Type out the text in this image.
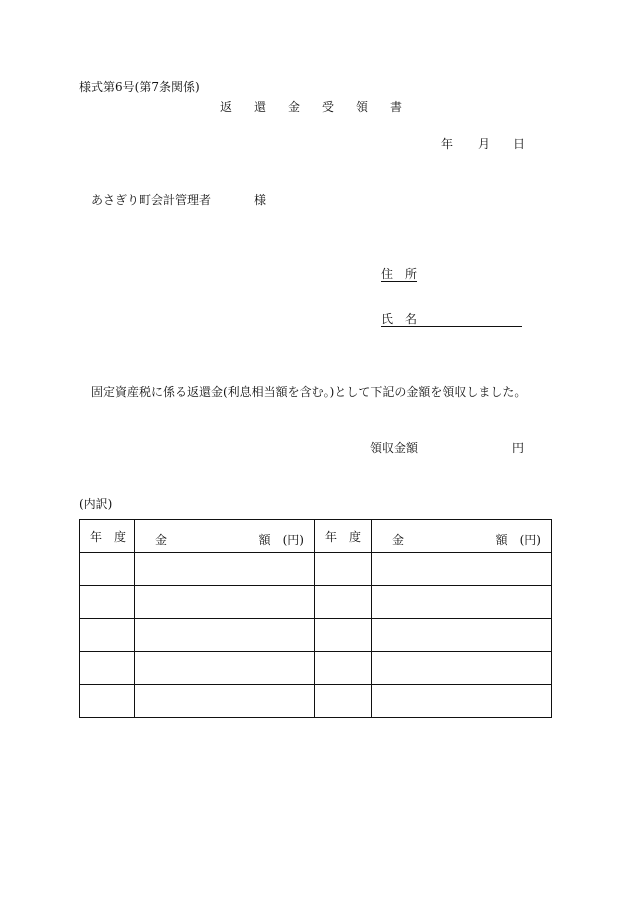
様式第6号(第7条関係)
返 還 金 受 領 書
年 月 日
あさぎり町会計管理者	様
住　所
氏　名
固定資産税に係る返還金(利息相当額を含む。)として下記の金額を領収しました。
領収金額	円
(内訳)
年　度	金 額　(円)	年　度	金 額　(円)
